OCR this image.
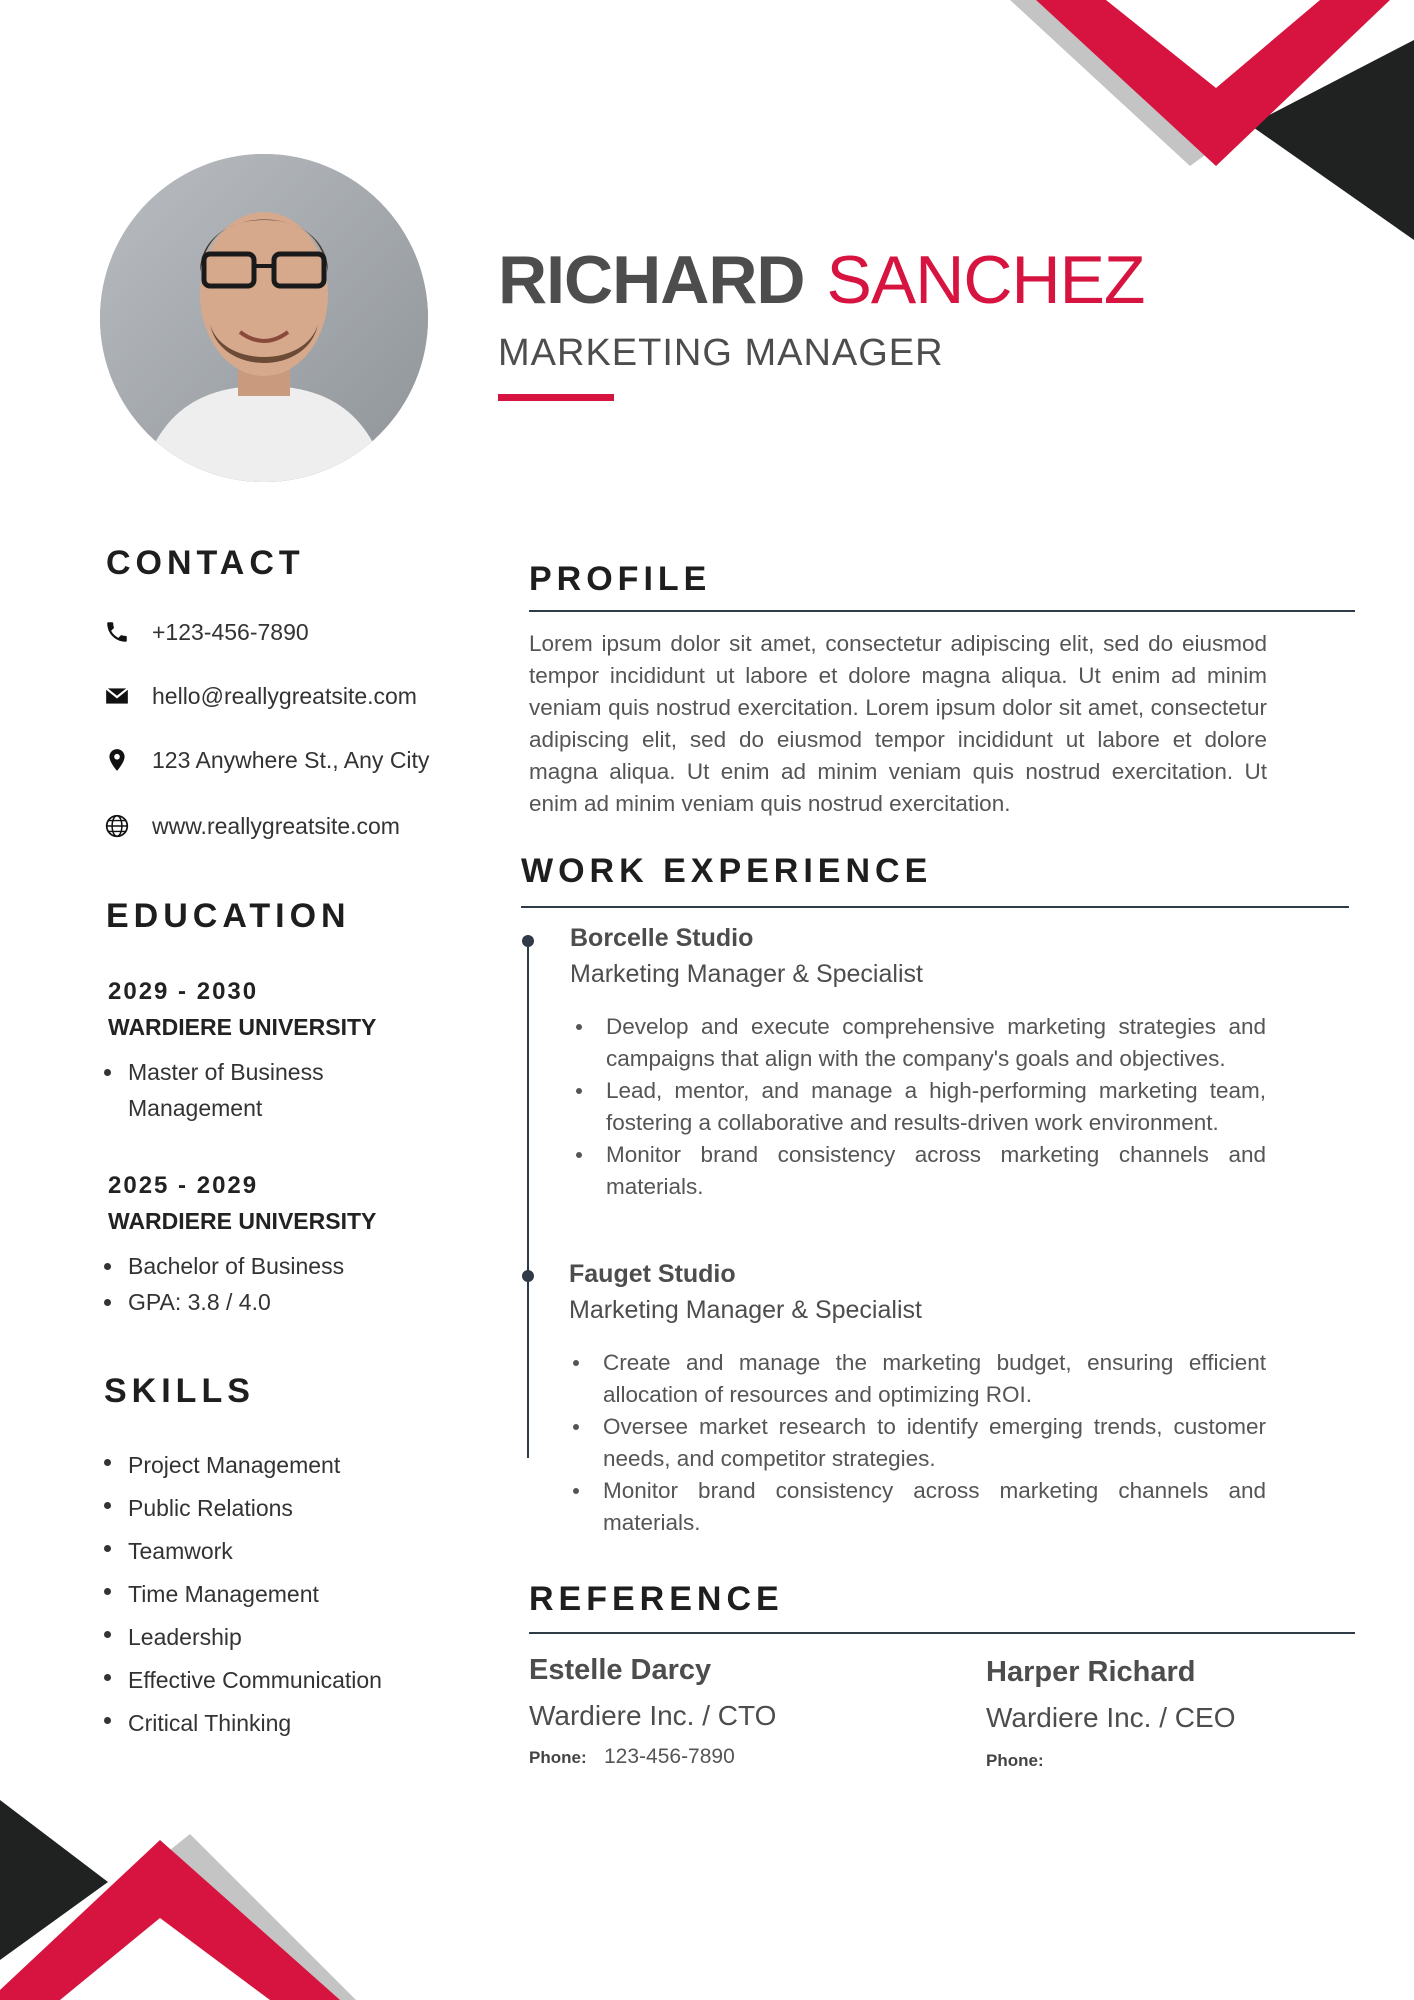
RICHARD SANCHEZ
MARKETING MANAGER
CONTACT
+123-456-7890
hello@reallygreatsite.com
123 Anywhere St., Any City
www.reallygreatsite.com
EDUCATION
2029 - 2030
WARDIERE UNIVERSITY
Master of Business Management
2025 - 2029
WARDIERE UNIVERSITY
Bachelor of Business
GPA: 3.8 / 4.0
SKILLS
Project Management
Public Relations
Teamwork
Time Management
Leadership
Effective Communication
Critical Thinking
PROFILE

Lorem ipsum dolor sit amet, consectetur adipiscing elit, sed do eiusmod tempor incididunt ut labore et dolore magna aliqua. Ut enim ad minim veniam quis nostrud exercitation. Lorem ipsum dolor sit amet, consectetur adipiscing elit, sed do eiusmod tempor incididunt ut labore et dolore magna aliqua. Ut enim ad minim veniam quis nostrud exercitation. Ut enim ad minim veniam quis nostrud exercitation.

WORK EXPERIENCE
Borcelle Studio
Marketing Manager & Specialist
Develop and execute comprehensive marketing strategies and campaigns that align with the company's goals and objectives.
Lead, mentor, and manage a high-performing marketing team, fostering a collaborative and results-driven work environment.
Monitor brand consistency across marketing channels and materials.
Fauget Studio
Marketing Manager & Specialist
Create and manage the marketing budget, ensuring efficient allocation of resources and optimizing ROI.
Oversee market research to identify emerging trends, customer needs, and competitor strategies.
Monitor brand consistency across marketing channels and materials.
REFERENCE
Estelle Darcy
Wardiere Inc. / CTO
Phone: 123-456-7890
Harper Richard
Wardiere Inc. / CEO
Phone:
